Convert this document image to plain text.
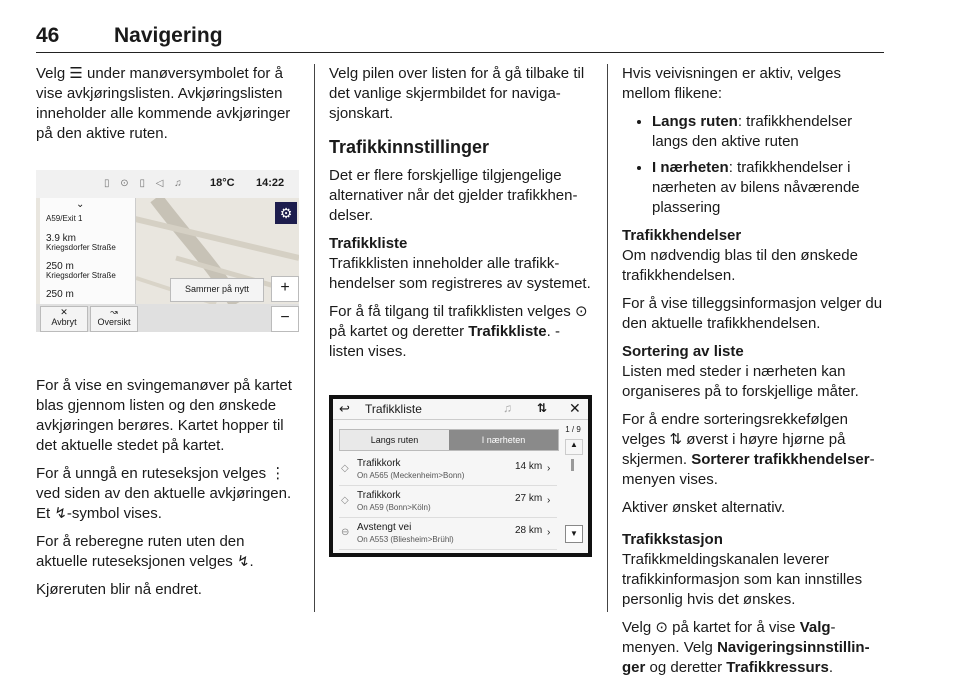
46	Navigering

Velg ☰ under manøversymbolet for å vise avkjøringslisten. Avkjøringslisten inneholder alle kommende avkjøringer på den aktive ruten.

For å vise en svingemanøver på kartet blas gjennom listen og den ønskede avkjøringen berøres. Kartet hopper til det aktuelle stedet på kartet.

For å unngå en ruteseksjon velges ⋮ ved siden av den aktuelle avkjøringen. Et ↯-symbol vises.

For å reberegne ruten uten den aktuelle ruteseksjonen velges ↯.

Kjøreruten blir nå endret.

▯ ⊙ ▯ ◁ ♫ 18°C 14:22
⌄
A59/Exit 1
3.9 km
Kriegsdorfer Straße
250 m
Kriegsdorfer Straße
250 m
⚙
+
✕
Avbryt
↝
Oversikt
Samrner på nytt
−

Velg pilen over listen for å gå tilbake til det vanlige skjermbildet for navigasjonskart.

Trafikkinnstillinger

Det er flere forskjellige tilgjengelige alternativer når det gjelder trafikkhendelser.

Trafikkliste

Trafikklisten inneholder alle trafikkhendelser som registreres av systemet.

For å få tilgang til trafikklisten velges ⊙ på kartet og deretter Trafikkliste. -listen vises.

↩ Trafikkliste	♫ ⇅ ✕
Langs ruten	I nærheten
◇ Trafikkork
On A565 (Meckenheim>Bonn)
14 km ›
◇ Trafikkork
On A59 (Bonn>Köln)
27 km ›
⊖ Avstengt vei
On A553 (Bliesheim>Brühl)
28 km ›
1 / 9
▲
▼

Hvis veivisningen er aktiv, velges mellom flikene:

• Langs ruten: trafikkhendelser langs den aktive ruten
• I nærheten: trafikkhendelser i nærheten av bilens nåværende plassering
Trafikkhendelser

Om nødvendig blas til den ønskede trafikkhendelsen.

For å vise tilleggsinformasjon velger du den aktuelle trafikkhendelsen.

Sortering av liste

Listen med steder i nærheten kan organiseres på to forskjellige måter.

For å endre sorteringsrekkefølgen velges ⇅ øverst i høyre hjørne på skjermen. Sorterer trafikkhendelser-menyen vises.

Aktiver ønsket alternativ.

Trafikkstasjon

Trafikkmeldingskanalen leverer trafikkinformasjon som kan innstilles personlig hvis det ønskes.

Velg ⊙ på kartet for å vise Valg-menyen. Velg Navigeringsinnstillinger og deretter Trafikkressurs.
